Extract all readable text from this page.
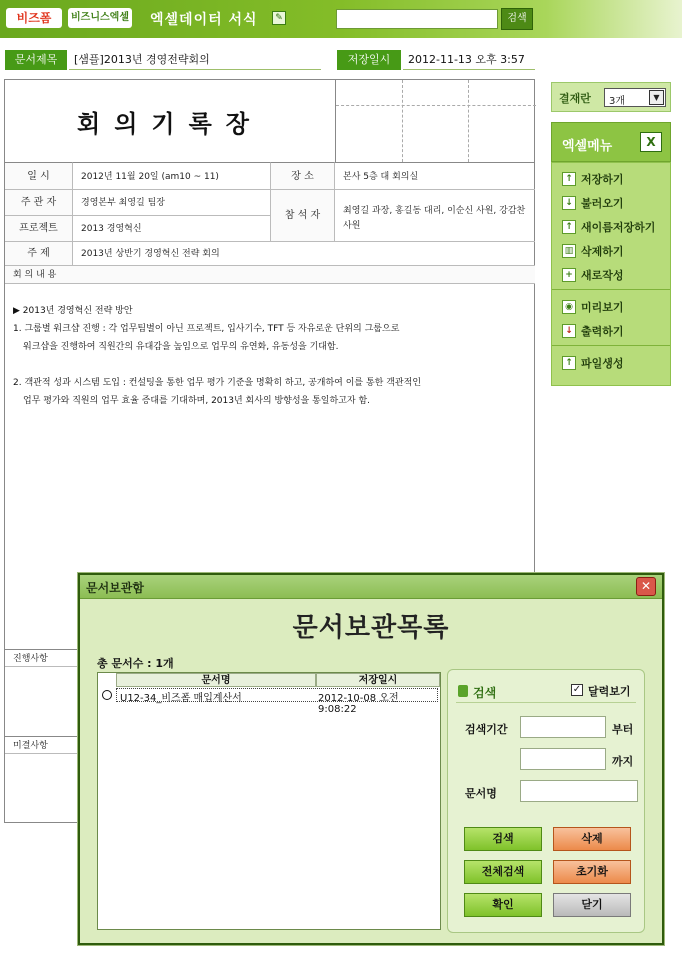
비즈폼	비즈니스엑셀 엑셀데이터 서식	✎	검색
문서제목	[샘플]2013년 경영전략회의	저장일시	2012-11-13 오후 3:57
회의기록장
일 시	2012년 11월 20일 (am10 ~ 11)	장 소	본사 5층 대 회의실
주 관 자	경영본부 최영길 팀장
참 석 자	최영길 과장, 홍길동 대리, 이순신 사원, 강감찬 사원
프로젝트	2013 경영혁신
주 제	2013년 상반기 경영혁신 전략 회의
회 의 내 용
▶ 2013년 경영혁신 전략 방안
1. 그룹별 워크샵 진행 : 각 업무팀별이 아닌 프로젝트, 입사기수, TFT 등 자유로운 단위의 그룹으로
워크샵을 진행하여 직원간의 유대감을 높임으로 업무의 유연화, 유동성을 기대함.
2. 객관적 성과 시스템 도입 : 컨설팅을 통한 업무 평가 기준을 명확히 하고, 공개하여 이를 통한 객관적인
업무 평가와 직원의 업무 효율 증대를 기대하며, 2013년 회사의 방향성을 통일하고자 함.
진행사항
미결사항
결재란 3개	▼
엑셀메뉴	X
↑ 저장하기
↓ 불러오기
↑ 새이름저장하기
▥ 삭제하기
+ 새로작성
◉ 미리보기
↓ 출력하기
↑ 파일생성
문서보관함	✕
문서보관목록
총 문서수 : 1개
문서명	저장일시
U12-34_비즈폼 매입계산서	2012-10-08 오전 9:08:22
검색	✓ 달력보기
검색기간	부터
까지
문서명
검색	삭제
전체검색	초기화
확인	닫기
